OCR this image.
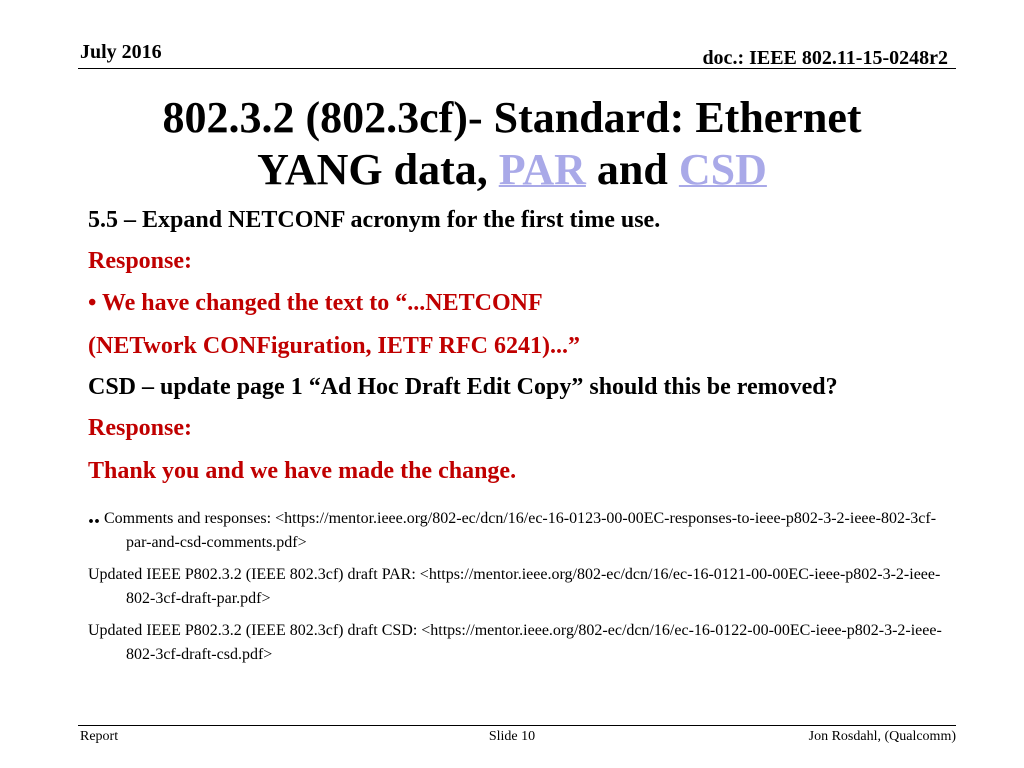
July 2016	doc.: IEEE 802.11-15-0248r2
802.3.2 (802.3cf)- Standard: Ethernet
YANG data, PAR and CSD

5.5 – Expand NETCONF acronym for the first time use.

Response:

• We have changed the text to “...NETCONF

(NETwork CONFiguration, IETF RFC 6241)...”

CSD – update page 1 “Ad Hoc Draft Edit Copy” should this be removed?

Response:

Thank you and we have made the change.

.. Comments and responses: <https://mentor.ieee.org/802-ec/dcn/16/ec-16-0123-00-00EC-responses-to-ieee-p802-3-2-ieee-802-3cf-par-and-csd-comments.pdf>

Updated IEEE P802.3.2 (IEEE 802.3cf) draft PAR: <https://mentor.ieee.org/802-ec/dcn/16/ec-16-0121-00-00EC-ieee-p802-3-2-ieee-802-3cf-draft-par.pdf>

Updated IEEE P802.3.2 (IEEE 802.3cf) draft CSD: <https://mentor.ieee.org/802-ec/dcn/16/ec-16-0122-00-00EC-ieee-p802-3-2-ieee-802-3cf-draft-csd.pdf>

Report	Slide 10	Jon Rosdahl, (Qualcomm)
